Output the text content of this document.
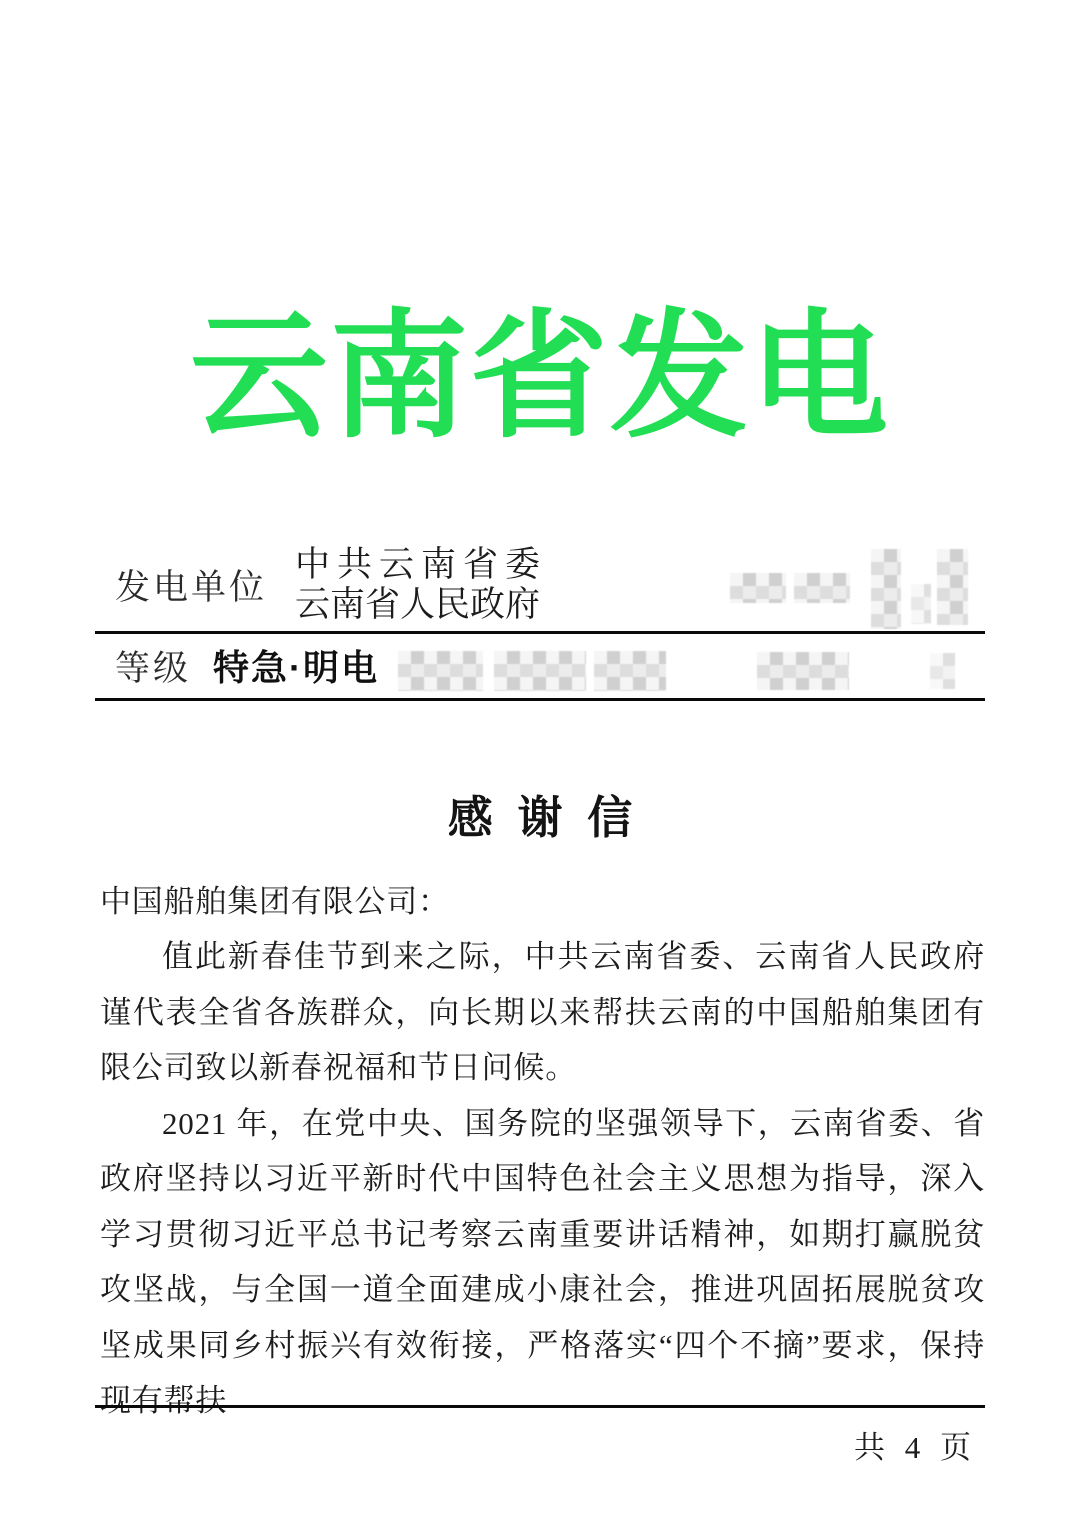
云南省发电
发电单位
中共云南省委
云南省人民政府
等级 特急·明电
感谢信

中国船舶集团有限公司：

值此新春佳节到来之际，中共云南省委、云南省人民政府谨代表全省各族群众，向长期以来帮扶云南的中国船舶集团有限公司致以新春祝福和节日问候。

2021 年，在党中央、国务院的坚强领导下，云南省委、省政府坚持以习近平新时代中国特色社会主义思想为指导，深入学习贯彻习近平总书记考察云南重要讲话精神，如期打赢脱贫攻坚战，与全国一道全面建成小康社会，推进巩固拓展脱贫攻坚成果同乡村振兴有效衔接，严格落实“四个不摘”要求，保持现有帮扶

共 4 页
